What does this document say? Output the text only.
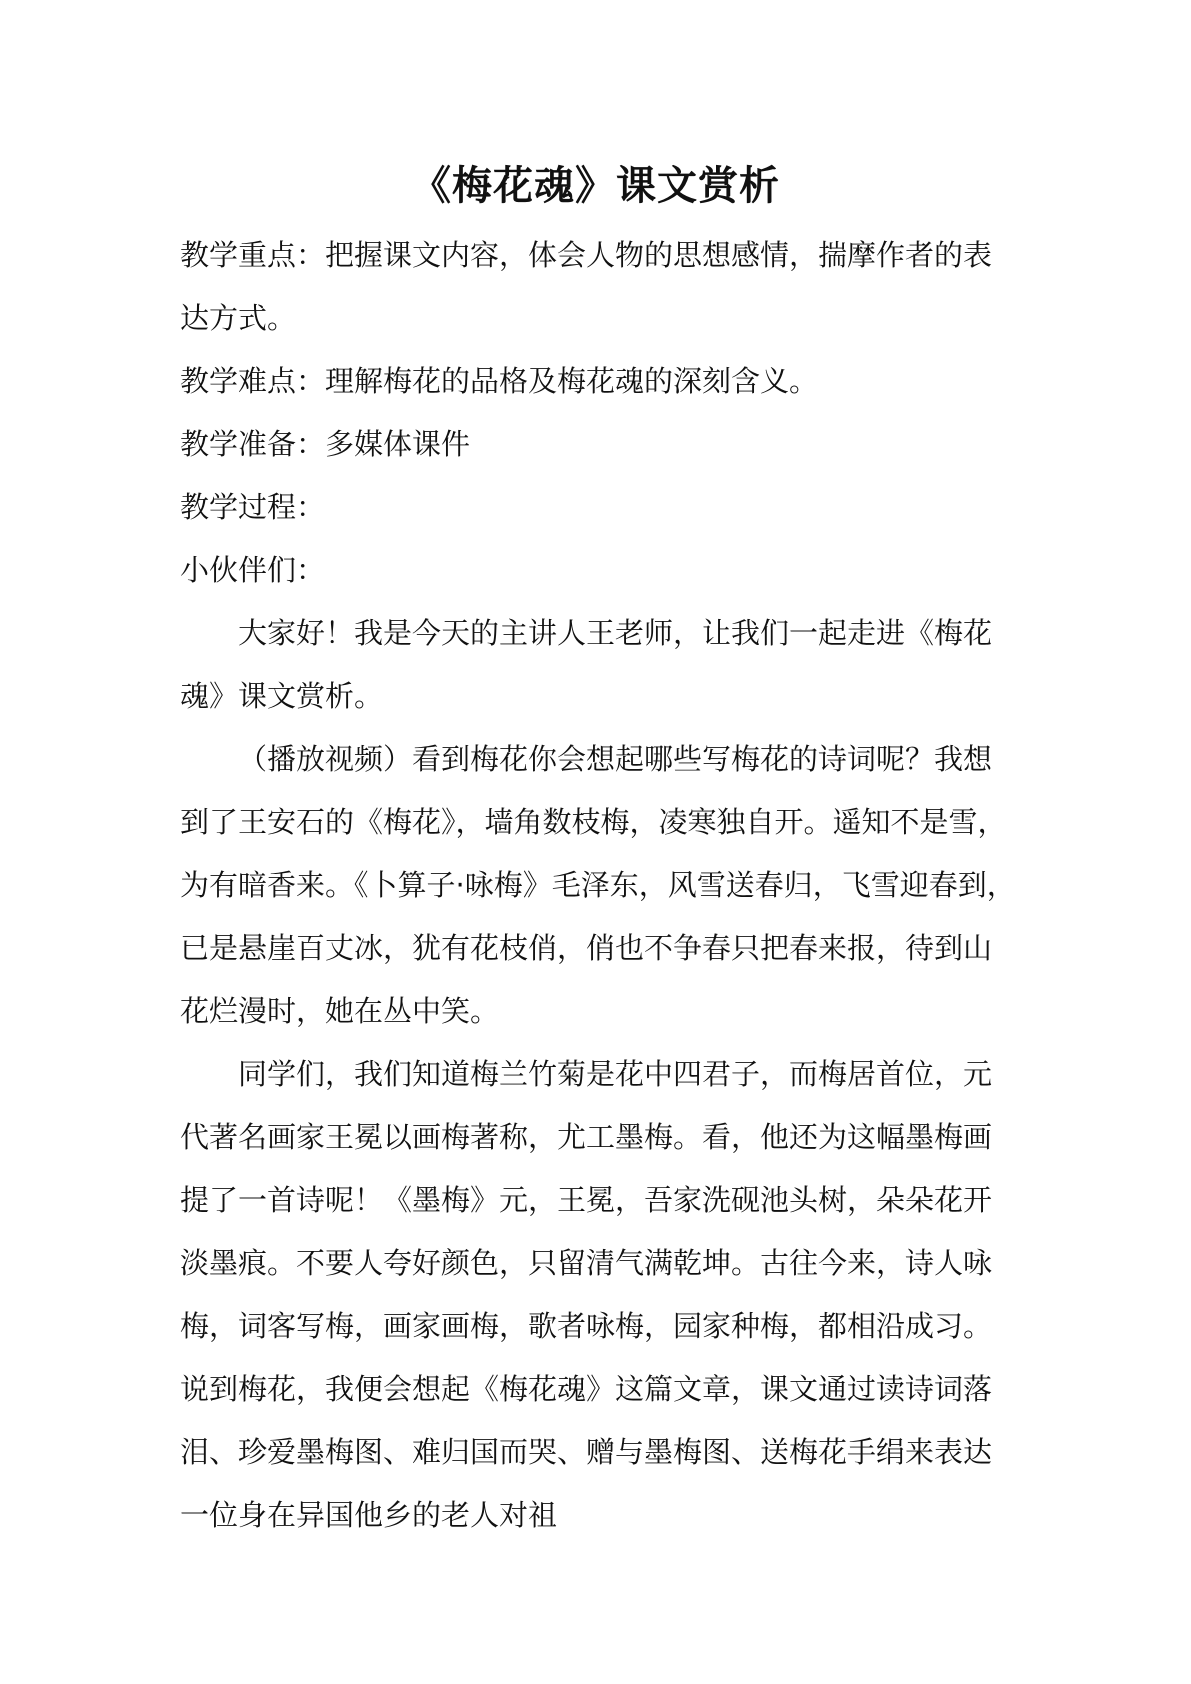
《梅花魂》课文赏析

教学重点：把握课文内容，体会人物的思想感情，揣摩作者的表达方式。

教学难点：理解梅花的品格及梅花魂的深刻含义。

教学准备：多媒体课件

教学过程：

小伙伴们：

大家好！我是今天的主讲人王老师，让我们一起走进《梅花魂》课文赏析。

（播放视频）看到梅花你会想起哪些写梅花的诗词呢？我想到了王安石的《梅花》，墙角数枝梅，凌寒独自开。遥知不是雪，为有暗香来。《卜算子·咏梅》毛泽东，风雪送春归，飞雪迎春到，已是悬崖百丈冰，犹有花枝俏，俏也不争春只把春来报，待到山花烂漫时，她在丛中笑。

同学们，我们知道梅兰竹菊是花中四君子，而梅居首位，元代著名画家王冕以画梅著称，尤工墨梅。看，他还为这幅墨梅画提了一首诗呢！《墨梅》元，王冕，吾家洗砚池头树，朵朵花开淡墨痕。不要人夸好颜色，只留清气满乾坤。古往今来，诗人咏梅，词客写梅，画家画梅，歌者咏梅，园家种梅，都相沿成习。说到梅花，我便会想起《梅花魂》这篇文章，课文通过读诗词落泪、珍爱墨梅图、难归国而哭、赠与墨梅图、送梅花手绢来表达一位身在异国他乡的老人对祖
